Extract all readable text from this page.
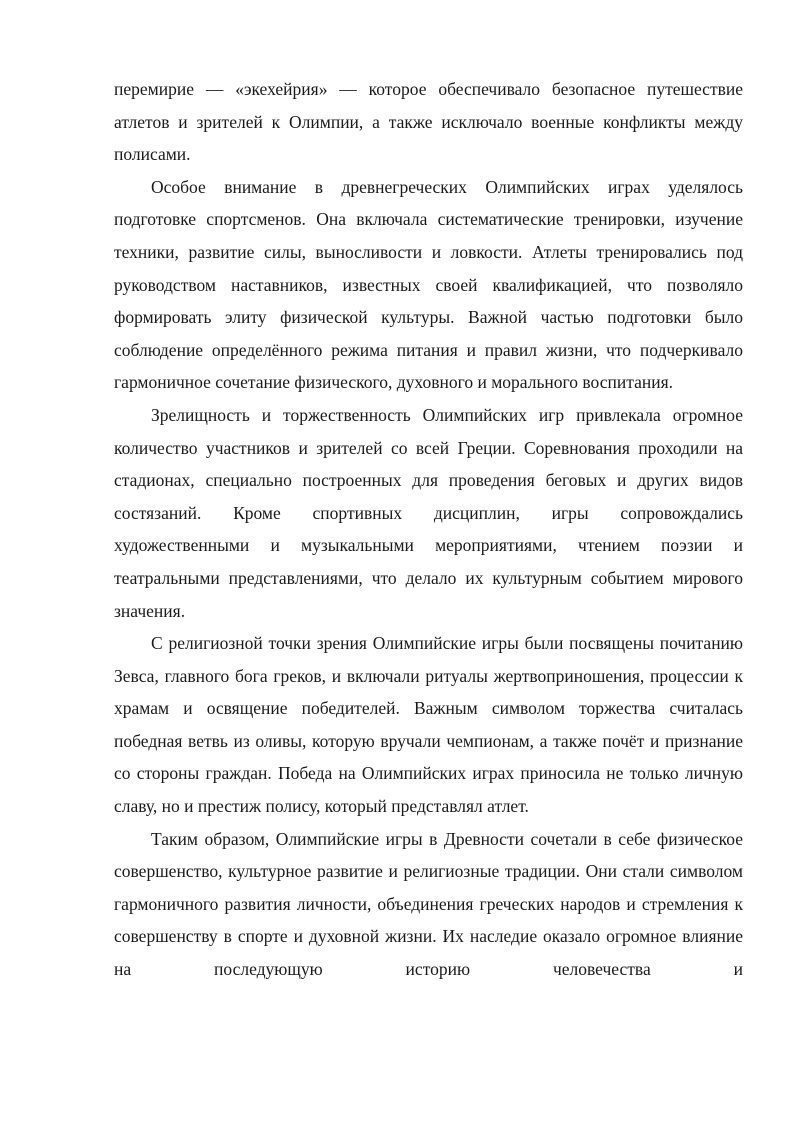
перемирие — «экехейрия» — которое обеспечивало безопасное путешествие атлетов и зрителей к Олимпии, а также исключало военные конфликты между полисами.

Особое внимание в древнегреческих Олимпийских играх уделялось подготовке спортсменов. Она включала систематические тренировки, изучение техники, развитие силы, выносливости и ловкости. Атлеты тренировались под руководством наставников, известных своей квалификацией, что позволяло формировать элиту физической культуры. Важной частью подготовки было соблюдение определённого режима питания и правил жизни, что подчеркивало гармоничное сочетание физического, духовного и морального воспитания.

Зрелищность и торжественность Олимпийских игр привлекала огромное количество участников и зрителей со всей Греции. Соревнования проходили на стадионах, специально построенных для проведения беговых и других видов состязаний. Кроме спортивных дисциплин, игры сопровождались художественными и музыкальными мероприятиями, чтением поэзии и театральными представлениями, что делало их культурным событием мирового значения.

С религиозной точки зрения Олимпийские игры были посвящены почитанию Зевса, главного бога греков, и включали ритуалы жертвоприношения, процессии к храмам и освящение победителей. Важным символом торжества считалась победная ветвь из оливы, которую вручали чемпионам, а также почёт и признание со стороны граждан. Победа на Олимпийских играх приносила не только личную славу, но и престиж полису, который представлял атлет.

Таким образом, Олимпийские игры в Древности сочетали в себе физическое совершенство, культурное развитие и религиозные традиции. Они стали символом гармоничного развития личности, объединения греческих народов и стремления к совершенству в спорте и духовной жизни. Их наследие оказало огромное влияние на последующую историю человечества и
